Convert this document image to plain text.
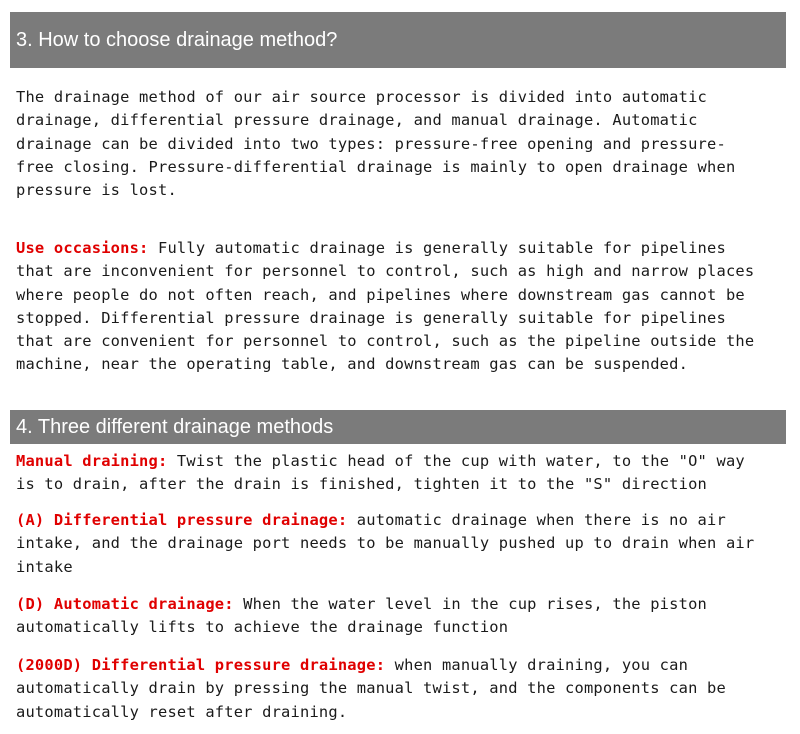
3. How to choose drainage method?

The drainage method of our air source processor is divided into automatic
drainage, differential pressure drainage, and manual drainage. Automatic
drainage can be divided into two types: pressure-free opening and pressure-
free closing. Pressure-differential drainage is mainly to open drainage when
pressure is lost.

Use occasions: Fully automatic drainage is generally suitable for pipelines
that are inconvenient for personnel to control, such as high and narrow places
where people do not often reach, and pipelines where downstream gas cannot be
stopped. Differential pressure drainage is generally suitable for pipelines
that are convenient for personnel to control, such as the pipeline outside the
machine, near the operating table, and downstream gas can be suspended.

4. Three different drainage methods

Manual draining: Twist the plastic head of the cup with water, to the "O" way
is to drain, after the drain is finished, tighten it to the "S" direction

(A) Differential pressure drainage: automatic drainage when there is no air
intake, and the drainage port needs to be manually pushed up to drain when air
intake

(D) Automatic drainage: When the water level in the cup rises, the piston
automatically lifts to achieve the drainage function

(2000D) Differential pressure drainage: when manually draining, you can
automatically drain by pressing the manual twist, and the components can be
automatically reset after draining.
